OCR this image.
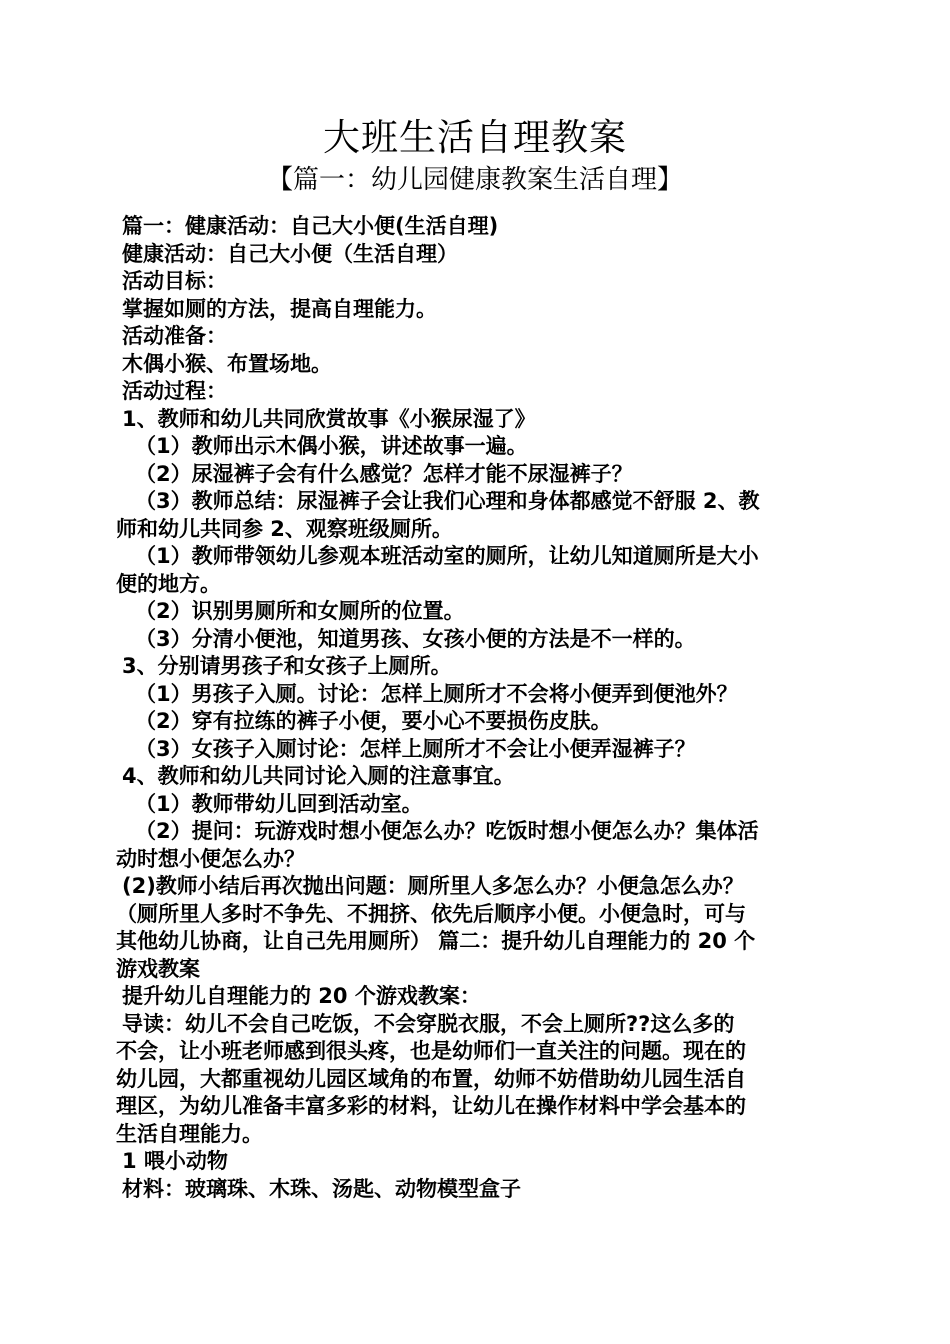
大班生活自理教案
【篇一：幼儿园健康教案生活自理】
篇一：健康活动：自己大小便(生活自理)
健康活动：自己大小便（生活自理）
活动目标：
掌握如厕的方法，提高自理能力。
活动准备：
木偶小猴、布置场地。
活动过程：
1、教师和幼儿共同欣赏故事《小猴尿湿了》
（1）教师出示木偶小猴，讲述故事一遍。
（2）尿湿裤子会有什么感觉？怎样才能不尿湿裤子？
（3）教师总结：尿湿裤子会让我们心理和身体都感觉不舒服 2、教
师和幼儿共同参 2、观察班级厕所。
（1）教师带领幼儿参观本班活动室的厕所，让幼儿知道厕所是大小
便的地方。
（2）识别男厕所和女厕所的位置。
（3）分清小便池，知道男孩、女孩小便的方法是不一样的。
3、分别请男孩子和女孩子上厕所。
（1）男孩子入厕。讨论：怎样上厕所才不会将小便弄到便池外？
（2）穿有拉练的裤子小便，要小心不要损伤皮肤。
（3）女孩子入厕讨论：怎样上厕所才不会让小便弄湿裤子？
4、教师和幼儿共同讨论入厕的注意事宜。
（1）教师带幼儿回到活动室。
（2）提问：玩游戏时想小便怎么办？吃饭时想小便怎么办？集体活
动时想小便怎么办？
(2)教师小结后再次抛出问题：厕所里人多怎么办？小便急怎么办？
（厕所里人多时不争先、不拥挤、依先后顺序小便。小便急时，可与
其他幼儿协商，让自己先用厕所） 篇二：提升幼儿自理能力的 20 个
游戏教案
提升幼儿自理能力的 20 个游戏教案：
导读：幼儿不会自己吃饭，不会穿脱衣服，不会上厕所??这么多的
不会，让小班老师感到很头疼，也是幼师们一直关注的问题。现在的
幼儿园，大都重视幼儿园区域角的布置，幼师不妨借助幼儿园生活自
理区，为幼儿准备丰富多彩的材料，让幼儿在操作材料中学会基本的
生活自理能力。
1 喂小动物
材料：玻璃珠、木珠、汤匙、动物模型盒子
